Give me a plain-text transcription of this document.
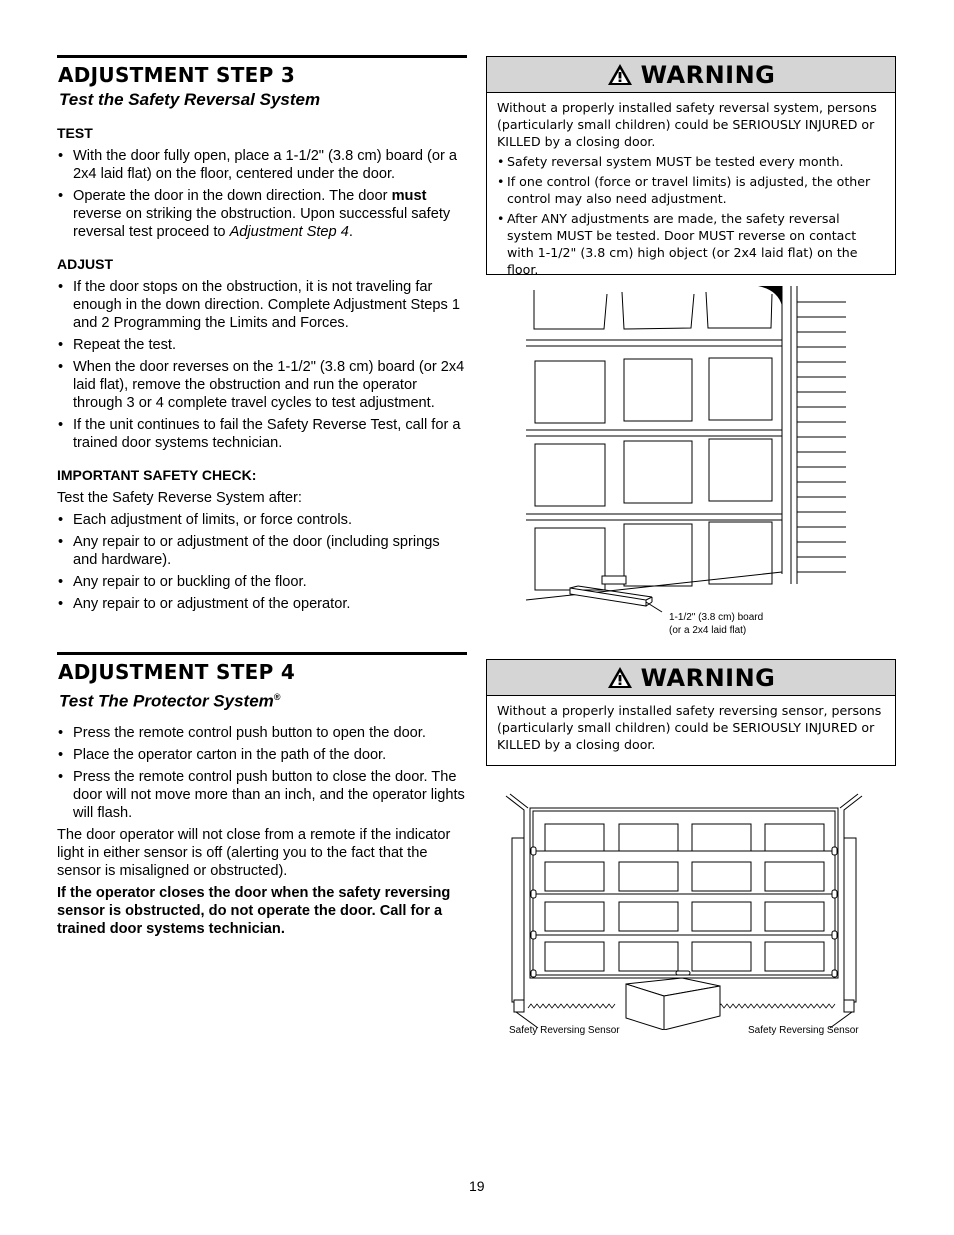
ADJUSTMENT STEP 3
Test the Safety Reversal System
TEST
• With the door fully open, place a 1-1/2" (3.8 cm) board (or a 2x4 laid flat) on the floor, centered under the door.
• Operate the door in the down direction. The door must reverse on striking the obstruction. Upon successful safety reversal test proceed to Adjustment Step 4.
ADJUST
• If the door stops on the obstruction, it is not traveling far enough in the down direction. Complete Adjustment Steps 1 and 2 Programming the Limits and Forces.
• Repeat the test.
• When the door reverses on the 1-1/2" (3.8 cm) board (or 2x4 laid flat), remove the obstruction and run the operator through 3 or 4 complete travel cycles to test adjustment.
• If the unit continues to fail the Safety Reverse Test, call for a trained door systems technician.
IMPORTANT SAFETY CHECK:

Test the Safety Reverse System after:

• Each adjustment of limits, or force controls.
• Any repair to or adjustment of the door (including springs and hardware).
• Any repair to or buckling of the floor.
• Any repair to or adjustment of the operator.
ADJUSTMENT STEP 4
Test The Protector System®
• Press the remote control push button to open the door.
• Place the operator carton in the path of the door.
• Press the remote control push button to close the door. The door will not move more than an inch, and the operator lights will flash.

The door operator will not close from a remote if the indicator light in either sensor is off (alerting you to the fact that the sensor is misaligned or obstructed).

If the operator closes the door when the safety reversing sensor is obstructed, do not operate the door. Call for a trained door systems technician.

WARNING

Without a properly installed safety reversal system, persons (particularly small children) could be SERIOUSLY INJURED or KILLED by a closing door.

• Safety reversal system MUST be tested every month.
• If one control (force or travel limits) is adjusted, the other control may also need adjustment.
• After ANY adjustments are made, the safety reversal system MUST be tested. Door MUST reverse on contact with 1-1/2" (3.8 cm) high object (or 2x4 laid flat) on the floor.
1-1/2" (3.8 cm) board
(or a 2x4 laid flat)
WARNING

Without a properly installed safety reversing sensor, persons (particularly small children) could be SERIOUSLY INJURED or KILLED by a closing door.

Safety Reversing Sensor	Safety Reversing Sensor
19
